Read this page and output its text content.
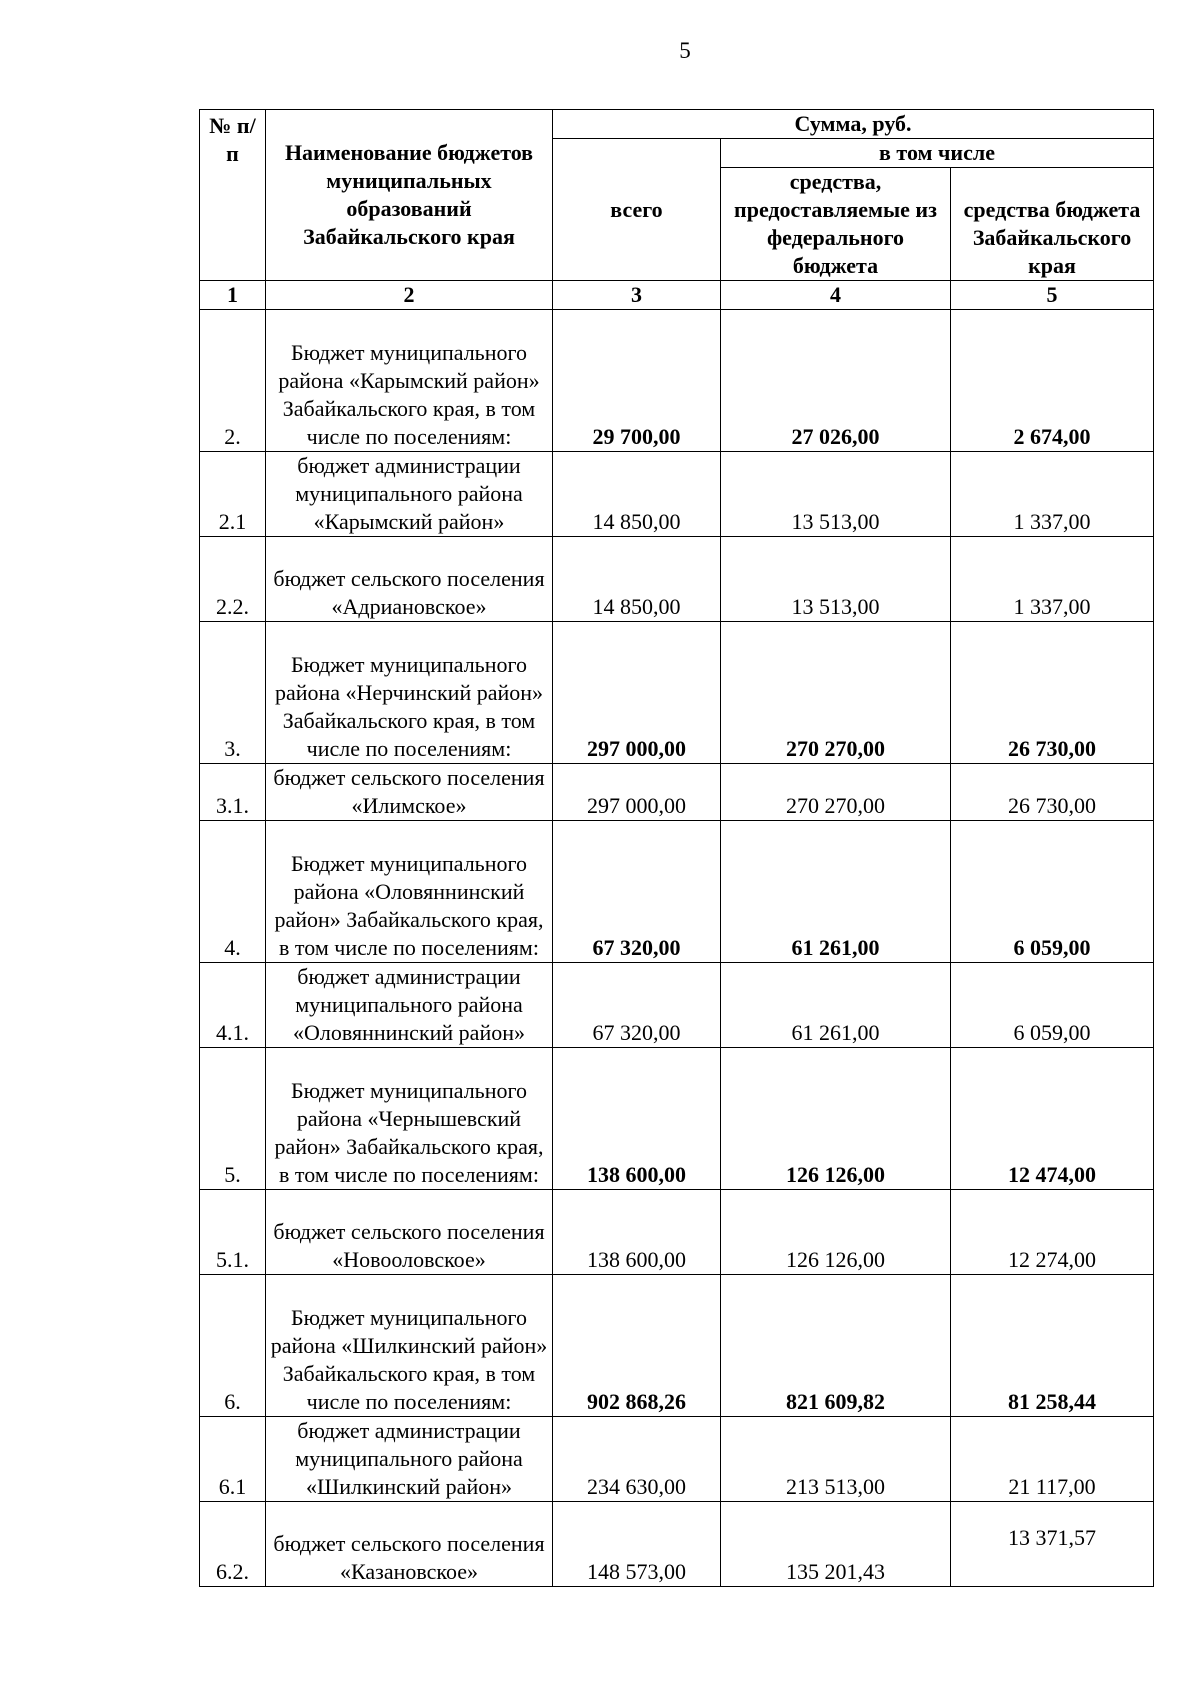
5
№ п/п	Наименование бюджетов муниципальных образований Забайкальского края	Сумма, руб.		
		всего	в том числе	
			средства, предоставляемые из федерального бюджета	средства бюджета Забайкальского края
1	2	3	4	5
2.	Бюджет муниципального района «Карымский район» Забайкальского края, в том числе по поселениям:	29 700,00	27 026,00	2 674,00
2.1	бюджет администрации муниципального района «Карымский район»	14 850,00	13 513,00	1 337,00
2.2.	бюджет сельского поселения «Адриановское»	14 850,00	13 513,00	1 337,00
3.	Бюджет муниципального района «Нерчинский район» Забайкальского края, в том числе по поселениям:	297 000,00	270 270,00	26 730,00
3.1.	бюджет сельского поселения «Илимское»	297 000,00	270 270,00	26 730,00
4.	Бюджет муниципального района «Оловяннинский район» Забайкальского края, в том числе по поселениям:	67 320,00	61 261,00	6 059,00
4.1.	бюджет администрации муниципального района «Оловяннинский район»	67 320,00	61 261,00	6 059,00
5.	Бюджет муниципального района «Чернышевский район» Забайкальского края, в том числе по поселениям:	138 600,00	126 126,00	12 474,00
5.1.	бюджет сельского поселения «Новооловское»	138 600,00	126 126,00	12 274,00
6.	Бюджет муниципального района «Шилкинский район» Забайкальского края, в том числе по поселениям:	902 868,26	821 609,82	81 258,44
6.1	бюджет администрации муниципального района «Шилкинский район»	234 630,00	213 513,00	21 117,00
6.2.	бюджет сельского поселения «Казановское»	148 573,00	135 201,43	13 371,57
